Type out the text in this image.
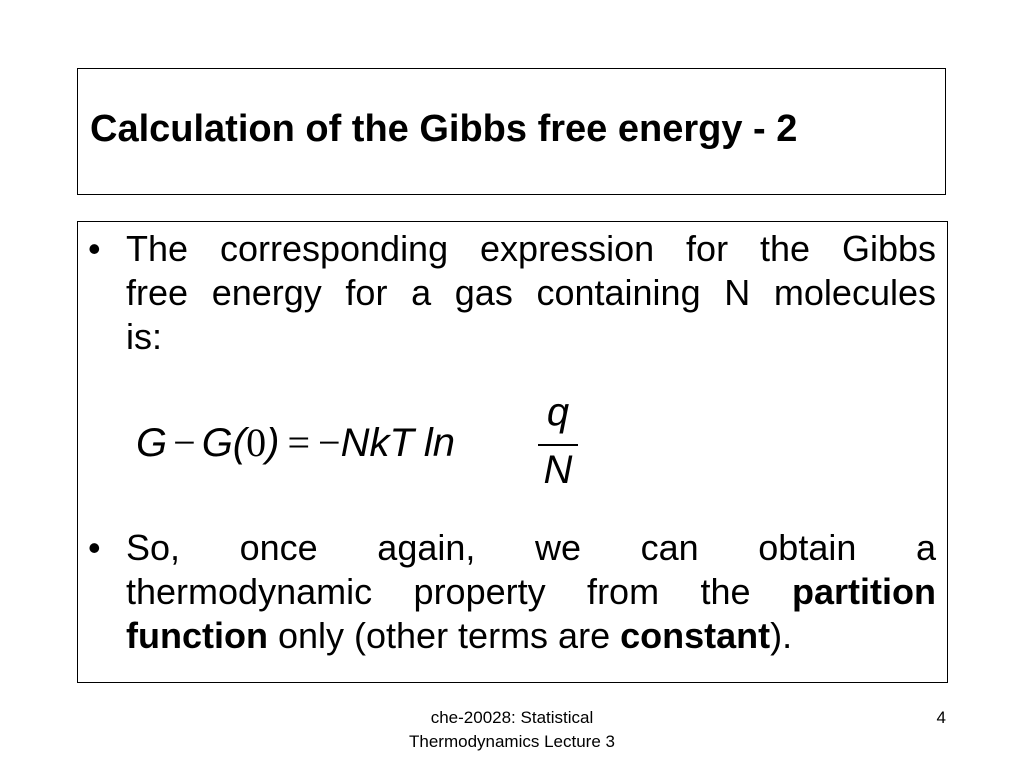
Calculation of the Gibbs free energy - 2
• The corresponding expression for the Gibbs
free energy for a gas containing N molecules
is:
G − G(0) = −NkT ln
q
N
• So, once again, we can obtain a
thermodynamic property from the partition
function only (other terms are constant).
che-20028: Statistical
Thermodynamics Lecture 3
4
